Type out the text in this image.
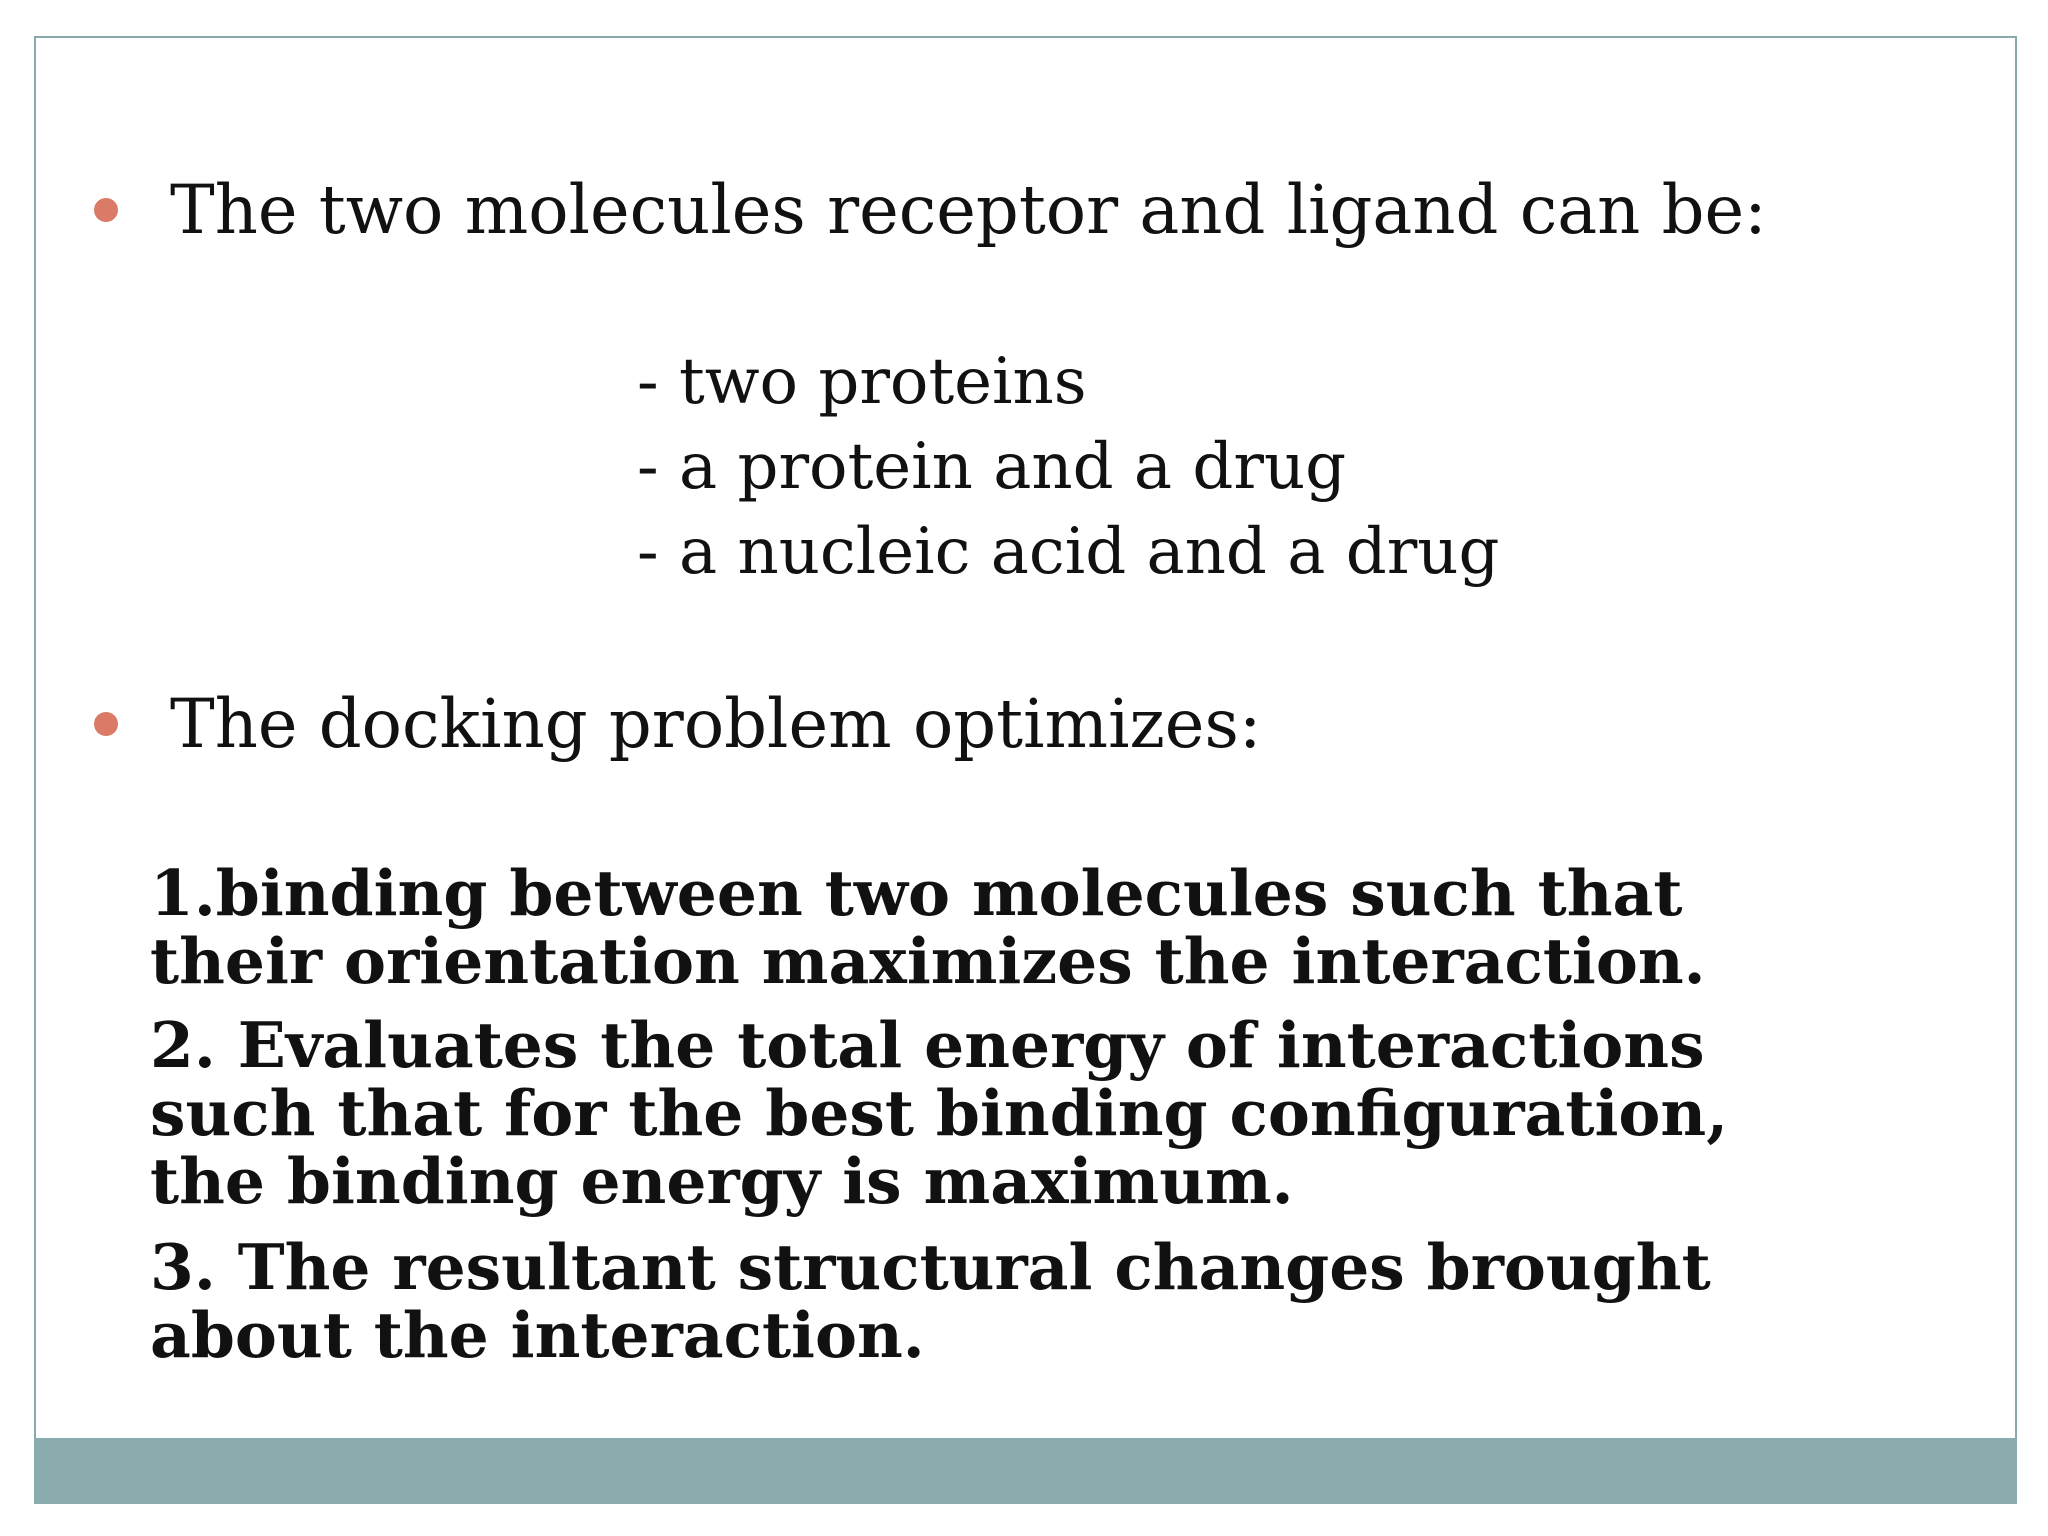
The two molecules receptor and ligand can be:
- two proteins
- a protein and a drug
- a nucleic acid and a drug
The docking problem optimizes:
1.binding between two molecules such that
their orientation maximizes the interaction.
2. Evaluates the total energy of interactions
such that for the best binding configuration,
the binding energy is maximum.
3. The resultant structural changes brought
about the interaction.
